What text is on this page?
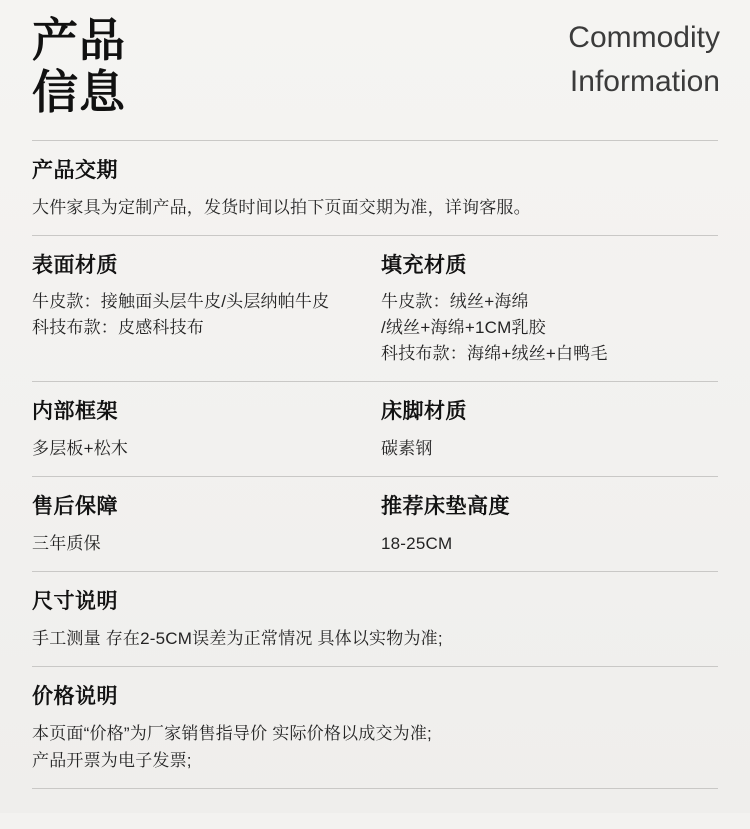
产品
信息
Commodity
Information
产品交期
大件家具为定制产品，发货时间以拍下页面交期为准，详询客服。
表面材质
牛皮款：接触面头层牛皮/头层纳帕牛皮
科技布款：皮感科技布
填充材质
牛皮款：绒丝+海绵
/绒丝+海绵+1CM乳胶
科技布款：海绵+绒丝+白鸭毛
内部框架
多层板+松木
床脚材质
碳素钢
售后保障
三年质保
推荐床垫高度
18-25CM
尺寸说明
手工测量 存在2-5CM误差为正常情况 具体以实物为准;
价格说明
本页面“价格”为厂家销售指导价 实际价格以成交为准;
产品开票为电子发票;
